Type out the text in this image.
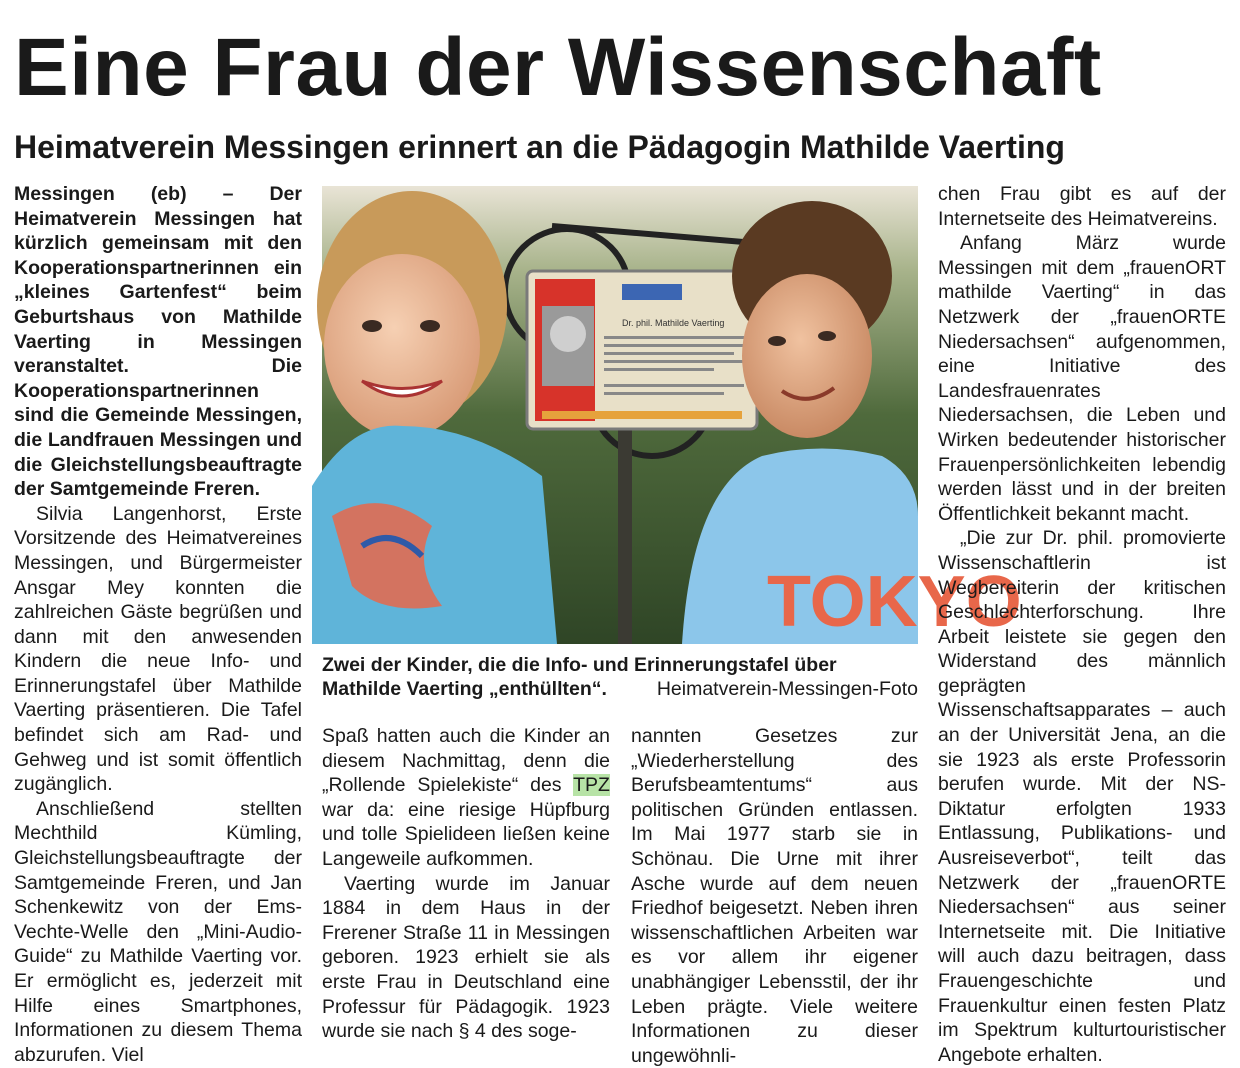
Eine Frau der Wissenschaft
Heimatverein Messingen erinnert an die Pädagogin Mathilde Vaerting

Messingen (eb) – Der Heimatverein Messingen hat kürzlich gemeinsam mit den Kooperationspartnerinnen ein „kleines Gartenfest“ beim Geburtshaus von Mathilde Vaerting in Messingen veranstaltet. Die Kooperationspartnerinnen sind die Gemeinde Messingen, die Landfrauen Messingen und die Gleichstellungsbeauftragte der Samtgemeinde Freren.

Silvia Langenhorst, Erste Vorsitzende des Heimatvereines Messingen, und Bürgermeister Ansgar Mey konnten die zahlreichen Gäste begrüßen und dann mit den anwesenden Kindern die neue Info- und Erinnerungstafel über Mathilde Vaerting präsentieren. Die Tafel befindet sich am Rad- und Gehweg und ist somit öffentlich zugänglich.

Anschließend stellten Mechthild Kümling, Gleichstellungsbeauftragte der Samtgemeinde Freren, und Jan Schenkewitz von der Ems-Vechte-Welle den „Mini-Audio-Guide“ zu Mathilde Vaerting vor. Er ermöglicht es, jederzeit mit Hilfe eines Smartphones, Informationen zu diesem Thema abzurufen. Viel

Dr. phil. Mathilde Vaerting
TOKYO

Zwei der Kinder, die die Info- und Erinnerungstafel über Mathilde Vaerting „enthüllten“.	Heimatverein-Messingen-Foto

Spaß hatten auch die Kinder an diesem Nachmittag, denn die „Rollende Spielekiste“ des TPZ war da: eine riesige Hüpfburg und tolle Spielideen ließen keine Langeweile aufkommen.

Vaerting wurde im Januar 1884 in dem Haus in der Frerener Straße 11 in Messingen geboren. 1923 erhielt sie als erste Frau in Deutschland eine Professur für Pädagogik. 1923 wurde sie nach § 4 des soge-

nannten Gesetzes zur „Wiederherstellung des Berufsbeamtentums“ aus politischen Gründen entlassen. Im Mai 1977 starb sie in Schönau. Die Urne mit ihrer Asche wurde auf dem neuen Friedhof beigesetzt. Neben ihren wissenschaftlichen Arbeiten war es vor allem ihr eigener unabhängiger Lebensstil, der ihr Leben prägte. Viele weitere Informationen zu dieser ungewöhnli-

chen Frau gibt es auf der Internetseite des Heimatvereins.

Anfang März wurde Messingen mit dem „frauenORT mathilde Vaerting“ in das Netzwerk der „frauenORTE Niedersachsen“ aufgenommen, eine Initiative des Landesfrauenrates Niedersachsen, die Leben und Wirken bedeutender historischer Frauenpersönlichkeiten lebendig werden lässt und in der breiten Öffentlichkeit bekannt macht.

„Die zur Dr. phil. promovierte Wissenschaftlerin ist Wegbereiterin der kritischen Geschlechterforschung. Ihre Arbeit leistete sie gegen den Widerstand des männlich geprägten Wissenschaftsapparates – auch an der Universität Jena, an die sie 1923 als erste Professorin berufen wurde. Mit der NS-Diktatur erfolgten 1933 Entlassung, Publikations- und Ausreiseverbot“, teilt das Netzwerk der „frauenORTE Niedersachsen“ aus seiner Internetseite mit. Die Initiative will auch dazu beitragen, dass Frauengeschichte und Frauenkultur einen festen Platz im Spektrum kulturtouristischer Angebote erhalten.
